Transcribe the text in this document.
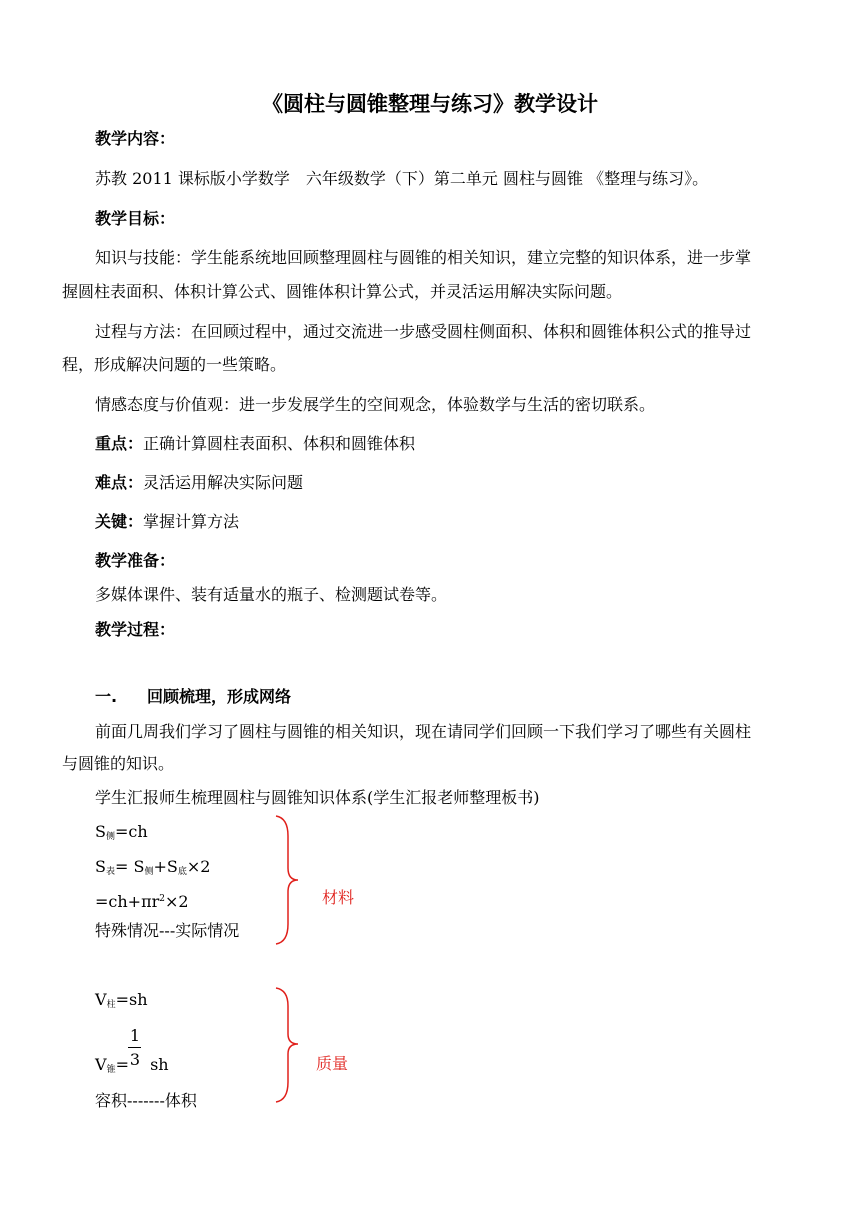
《圆柱与圆锥整理与练习》教学设计
教学内容：
苏教 2011 课标版小学数学　六年级数学（下）第二单元 圆柱与圆锥 《整理与练习》。
教学目标：
知识与技能：学生能系统地回顾整理圆柱与圆锥的相关知识，建立完整的知识体系，进一步掌
握圆柱表面积、体积计算公式、圆锥体积计算公式，并灵活运用解决实际问题。
过程与方法：在回顾过程中，通过交流进一步感受圆柱侧面积、体积和圆锥体积公式的推导过
程，形成解决问题的一些策略。
情感态度与价值观：进一步发展学生的空间观念，体验数学与生活的密切联系。
重点：正确计算圆柱表面积、体积和圆锥体积
难点：灵活运用解决实际问题
关键：掌握计算方法
教学准备：
多媒体课件、装有适量水的瓶子、检测题试卷等。
教学过程：
一. 回顾梳理，形成网络
前面几周我们学习了圆柱与圆锥的相关知识，现在请同学们回顾一下我们学习了哪些有关圆柱
与圆锥的知识。
学生汇报师生梳理圆柱与圆锥知识体系(学生汇报老师整理板书)
$S_侧=ch$
$S_表= S_侧+S_底\times 2$
$=ch+\pi r^2\times 2$
特殊情况---实际情况
材料
$V_柱=sh$
1
3
$V_锥=$ sh
容积-------体积
质量
